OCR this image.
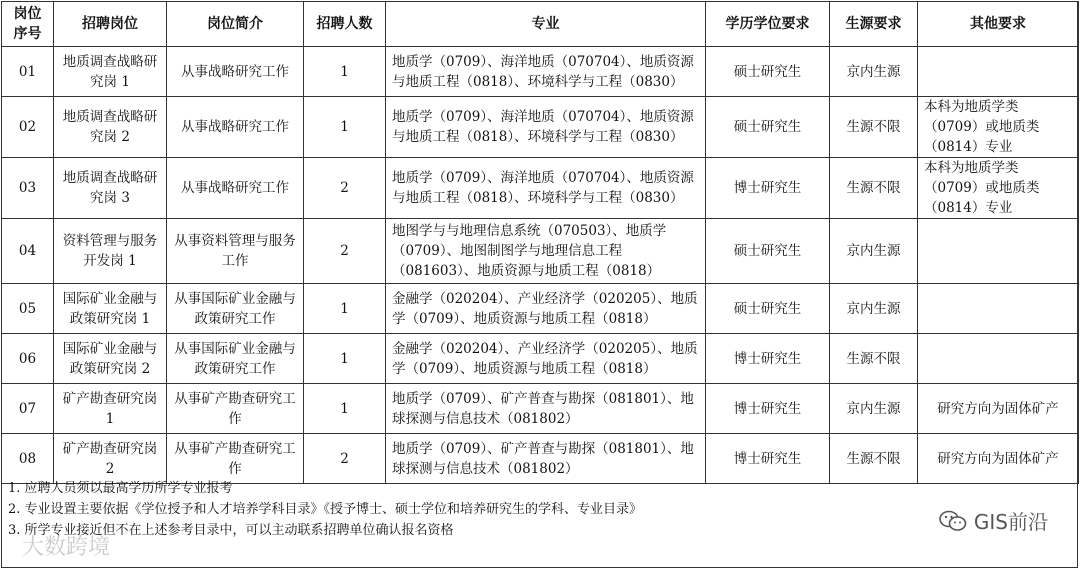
岗位序号	招聘岗位	岗位简介	招聘人数	专业	学历学位要求	生源要求	其他要求
01	地质调查战略研究岗 1	从事战略研究工作	1	地质学（0709）、海洋地质（070704）、地质资源与地质工程（0818）、环境科学与工程（0830）	硕士研究生	京内生源	
02	地质调查战略研究岗 2	从事战略研究工作	1	地质学（0709）、海洋地质（070704）、地质资源与地质工程（0818）、环境科学与工程（0830）	硕士研究生	生源不限	本科为地质学类（0709）或地质类（0814）专业
03	地质调查战略研究岗 3	从事战略研究工作	2	地质学（0709）、海洋地质（070704）、地质资源与地质工程（0818）、环境科学与工程（0830）	博士研究生	生源不限	本科为地质学类（0709）或地质类（0814）专业
04	资料管理与服务开发岗 1	从事资料管理与服务工作	2	地图学与与地理信息系统（070503）、地质学（0709）、地图制图学与地理信息工程（081603）、地质资源与地质工程（0818）	硕士研究生	京内生源	
05	国际矿业金融与政策研究岗 1	从事国际矿业金融与政策研究工作	1	金融学（020204）、产业经济学（020205）、地质学（0709）、地质资源与地质工程（0818）	硕士研究生	京内生源	
06	国际矿业金融与政策研究岗 2	从事国际矿业金融与政策研究工作	1	金融学（020204）、产业经济学（020205）、地质学（0709）、地质资源与地质工程（0818）	博士研究生	生源不限	
07	矿产勘查研究岗 1	从事矿产勘查研究工作	1	地质学（0709）、矿产普查与勘探（081801）、地球探测与信息技术（081802）	博士研究生	京内生源	研究方向为固体矿产
08	矿产勘查研究岗 2	从事矿产勘查研究工作	2	地质学（0709）、矿产普查与勘探（081801）、地球探测与信息技术（081802）	博士研究生	生源不限	研究方向为固体矿产
1. 应聘人员须以最高学历所学专业报考
2. 专业设置主要依据《学位授予和人才培养学科目录》《授予博士、硕士学位和培养研究生的学科、专业目录》
3. 所学专业接近但不在上述参考目录中，可以主动联系招聘单位确认报名资格	GIS前沿
大数跨境
